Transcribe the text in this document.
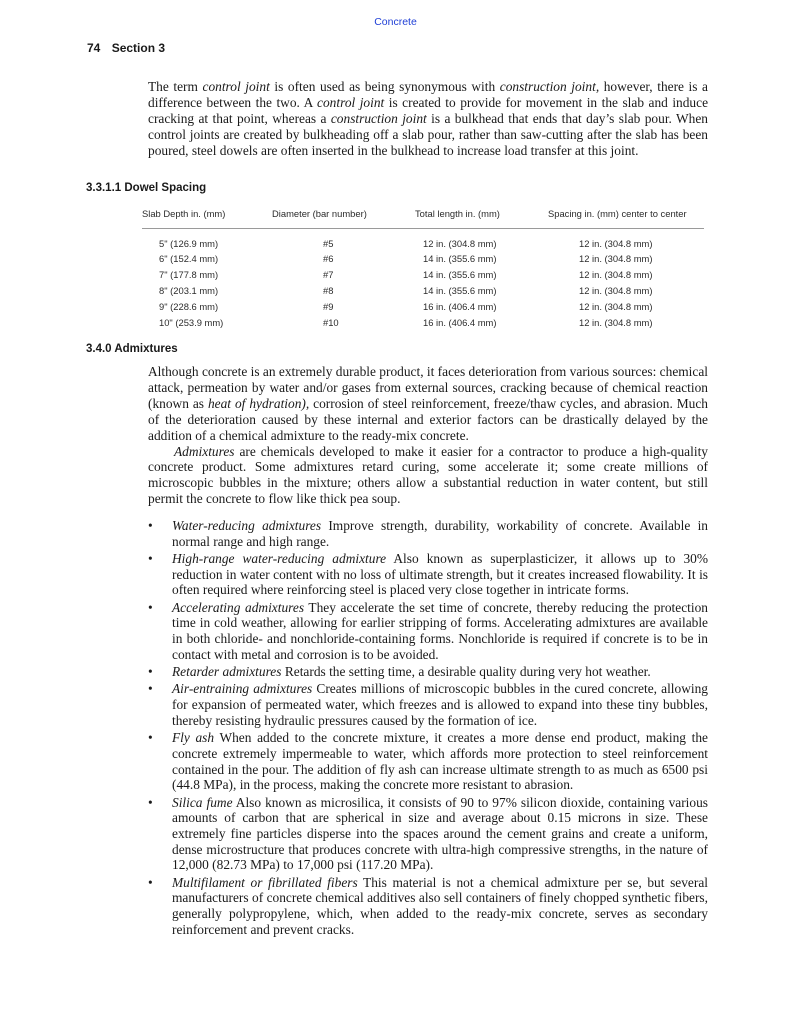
Concrete
74 Section 3

The term control joint is often used as being synonymous with construction joint, however, there is a difference between the two. A control joint is created to provide for movement in the slab and induce cracking at that point, whereas a construction joint is a bulkhead that ends that day’s slab pour. When control joints are created by bulkheading off a slab pour, rather than saw-cutting after the slab has been poured, steel dowels are often inserted in the bulkhead to increase load transfer at this joint.

3.3.1.1 Dowel Spacing
Slab Depth in. (mm)	Diameter (bar number)	Total length in. (mm)	Spacing in. (mm) center to center
5" (126.9 mm)	#5	12 in. (304.8 mm)	12 in. (304.8 mm)
6" (152.4 mm)	#6	14 in. (355.6 mm)	12 in. (304.8 mm)
7" (177.8 mm)	#7	14 in. (355.6 mm)	12 in. (304.8 mm)
8" (203.1 mm)	#8	14 in. (355.6 mm)	12 in. (304.8 mm)
9" (228.6 mm)	#9	16 in. (406.4 mm)	12 in. (304.8 mm)
10" (253.9 mm)	#10	16 in. (406.4 mm)	12 in. (304.8 mm)
3.4.0 Admixtures

Although concrete is an extremely durable product, it faces deterioration from various sources: chemical attack, permeation by water and/or gases from external sources, cracking because of chemical reaction (known as heat of hydration), corrosion of steel reinforcement, freeze/thaw cycles, and abrasion. Much of the deterioration caused by these internal and exterior factors can be drastically delayed by the addition of a chemical admixture to the ready-mix concrete.

Admixtures are chemicals developed to make it easier for a contractor to produce a high-quality concrete product. Some admixtures retard curing, some accelerate it; some create millions of microscopic bubbles in the mixture; others allow a substantial reduction in water content, but still permit the concrete to flow like thick pea soup.

• Water-reducing admixtures Improve strength, durability, workability of concrete. Available in normal range and high range.
• High-range water-reducing admixture Also known as superplasticizer, it allows up to 30% reduction in water content with no loss of ultimate strength, but it creates increased flowability. It is often required where reinforcing steel is placed very close together in intricate forms.
• Accelerating admixtures They accelerate the set time of concrete, thereby reducing the protection time in cold weather, allowing for earlier stripping of forms. Accelerating admixtures are available in both chloride- and nonchloride-containing forms. Nonchloride is required if concrete is to be in contact with metal and corrosion is to be avoided.
• Retarder admixtures Retards the setting time, a desirable quality during very hot weather.
• Air-entraining admixtures Creates millions of microscopic bubbles in the cured concrete, allowing for expansion of permeated water, which freezes and is allowed to expand into these tiny bubbles, thereby resisting hydraulic pressures caused by the formation of ice.
• Fly ash When added to the concrete mixture, it creates a more dense end product, making the concrete extremely impermeable to water, which affords more protection to steel reinforcement contained in the pour. The addition of fly ash can increase ultimate strength to as much as 6500 psi (44.8 MPa), in the process, making the concrete more resistant to abrasion.
• Silica fume Also known as microsilica, it consists of 90 to 97% silicon dioxide, containing various amounts of carbon that are spherical in size and average about 0.15 microns in size. These extremely fine particles disperse into the spaces around the cement grains and create a uniform, dense microstructure that produces concrete with ultra-high compressive strengths, in the nature of 12,000 (82.73 MPa) to 17,000 psi (117.20 MPa).
• Multifilament or fibrillated fibers This material is not a chemical admixture per se, but several manufacturers of concrete chemical additives also sell containers of finely chopped synthetic fibers, generally polypropylene, which, when added to the ready-mix concrete, serves as secondary reinforcement and prevent cracks.
